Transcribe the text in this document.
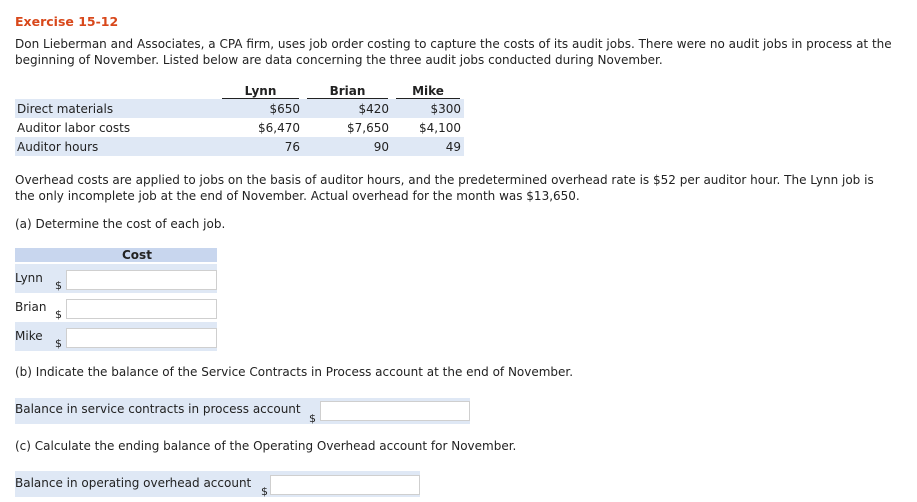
Exercise 15-12
Don Lieberman and Associates, a CPA firm, uses job order costing to capture the costs of its audit jobs. There were no audit jobs in process at the
beginning of November. Listed below are data concerning the three audit jobs conducted during November.

	Lynn	Brian	Mike

Direct materials	$650	$420	$300
Auditor labor costs	$6,470	$7,650	$4,100
Auditor hours	76	90	49
Overhead costs are applied to jobs on the basis of auditor hours, and the predetermined overhead rate is $52 per auditor hour. The Lynn job is
the only incomplete job at the end of November. Actual overhead for the month was $13,650.
(a) Determine the cost of each job.
Cost
Lynn
$
Brian
$
Mike
$
(b) Indicate the balance of the Service Contracts in Process account at the end of November.
Balance in service contracts in process account
$
(c) Calculate the ending balance of the Operating Overhead account for November.
Balance in operating overhead account
$
